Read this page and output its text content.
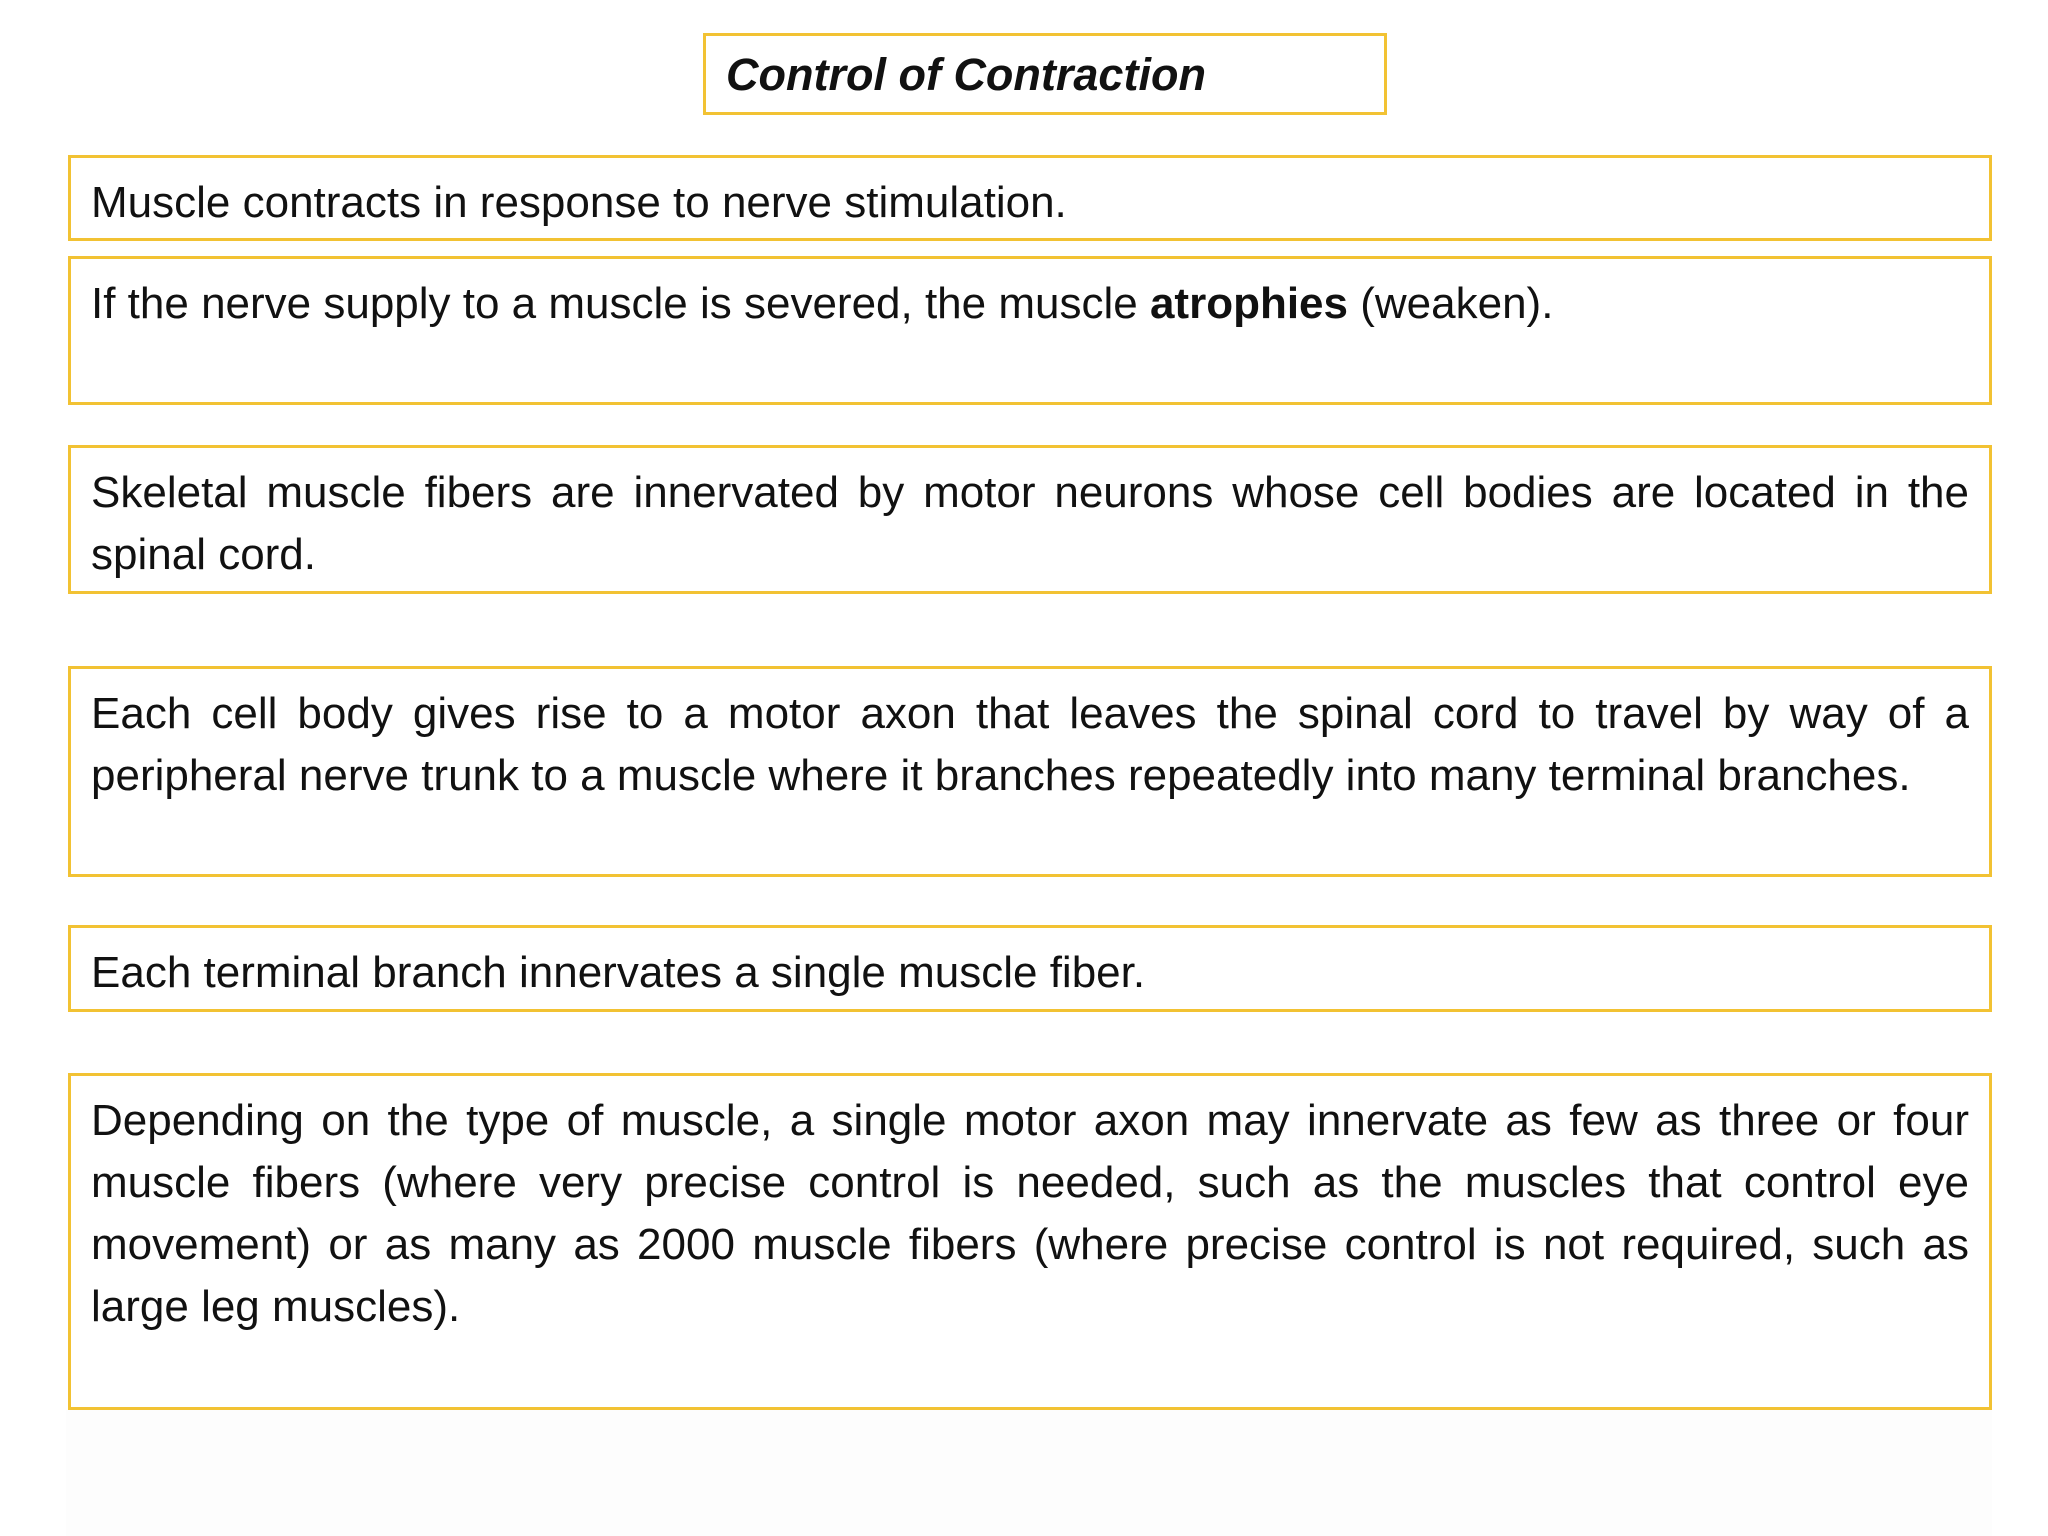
Control of Contraction

Muscle contracts in response to nerve stimulation.

If the nerve supply to a muscle is severed, the muscle atrophies (weaken).

Skeletal muscle fibers are innervated by motor neurons whose cell bodies are located in the spinal cord.

Each cell body gives rise to a motor axon that leaves the spinal cord to travel by way of a peripheral nerve trunk to a muscle where it branches repeatedly into many terminal branches.

Each terminal branch innervates a single muscle fiber.

Depending on the type of muscle, a single motor axon may innervate as few as three or four muscle fibers (where very precise control is needed, such as the muscles that control eye movement) or as many as 2000 muscle fibers (where precise control is not required, such as large leg muscles).
